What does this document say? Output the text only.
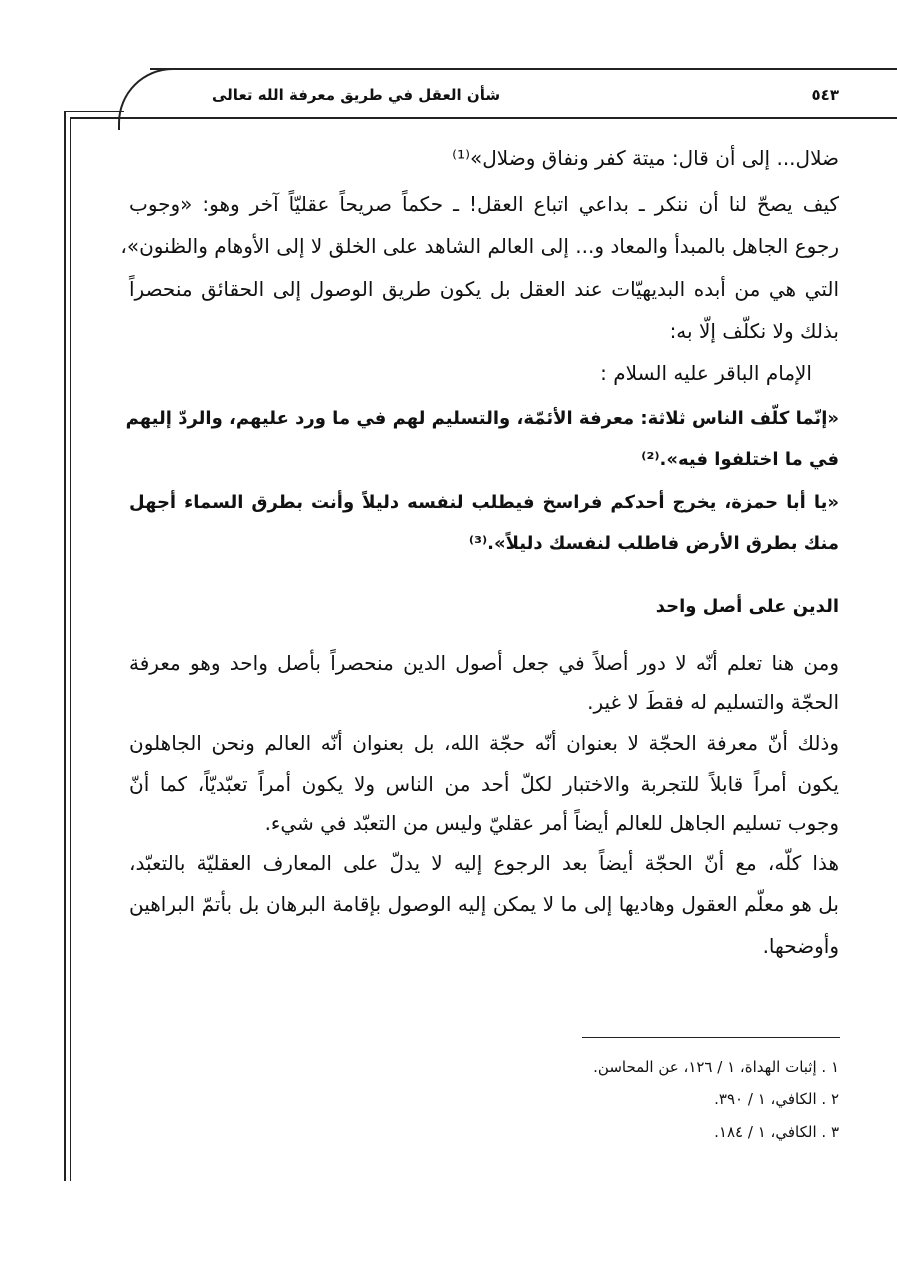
٥٤٣
شأن العقل في طريق معرفة الله تعالى
ضلال... إلى أن قال: ميتة كفر ونفاق وضلال»⁽¹⁾
كيف يصحّ لنا أن ننكر ـ بداعي اتباع العقل! ـ حكماً صريحاً عقليّاً آخر وهو: «وجوب
رجوع الجاهل بالمبدأ والمعاد و... إلى العالم الشاهد على الخلق لا إلى الأوهام والظنون»،
التي هي من أبده البديهيّات عند العقل بل يكون طريق الوصول إلى الحقائق منحصراً
بذلك ولا نكلّف إلّا به:
الإمام الباقر عليه السلام :
«إنّما كلّف الناس ثلاثة: معرفة الأئمّة، والتسليم لهم في ما ورد عليهم، والردّ إليهم
في ما اختلفوا فيه».⁽²⁾
«يا أبا حمزة، يخرج أحدكم فراسخ فيطلب لنفسه دليلاً وأنت بطرق السماء أجهل
منك بطرق الأرض فاطلب لنفسك دليلاً».⁽³⁾
الدين على أصل واحد
ومن هنا تعلم أنّه لا دور أصلاً في جعل أصول الدين منحصراً بأصل واحد وهو معرفة
الحجّة والتسليم له فقطَ لا غير.
وذلك أنّ معرفة الحجّة لا بعنوان أنّه حجّة الله، بل بعنوان أنّه العالم ونحن الجاهلون
يكون أمراً قابلاً للتجربة والاختبار لكلّ أحد من الناس ولا يكون أمراً تعبّديّاً، كما أنّ
وجوب تسليم الجاهل للعالم أيضاً أمر عقليّ وليس من التعبّد في شيء.
هذا كلّه، مع أنّ الحجّة أيضاً بعد الرجوع إليه لا يدلّ على المعارف العقليّة بالتعبّد،
بل هو معلّم العقول وهاديها إلى ما لا يمكن إليه الوصول بإقامة البرهان بل بأتمّ البراهين
وأوضحها.
١ . إثبات الهداة، ١ / ١٢٦، عن المحاسن.
٢ . الكافي، ١ / ٣٩٠.
٣ . الكافي، ١ / ١٨٤.
